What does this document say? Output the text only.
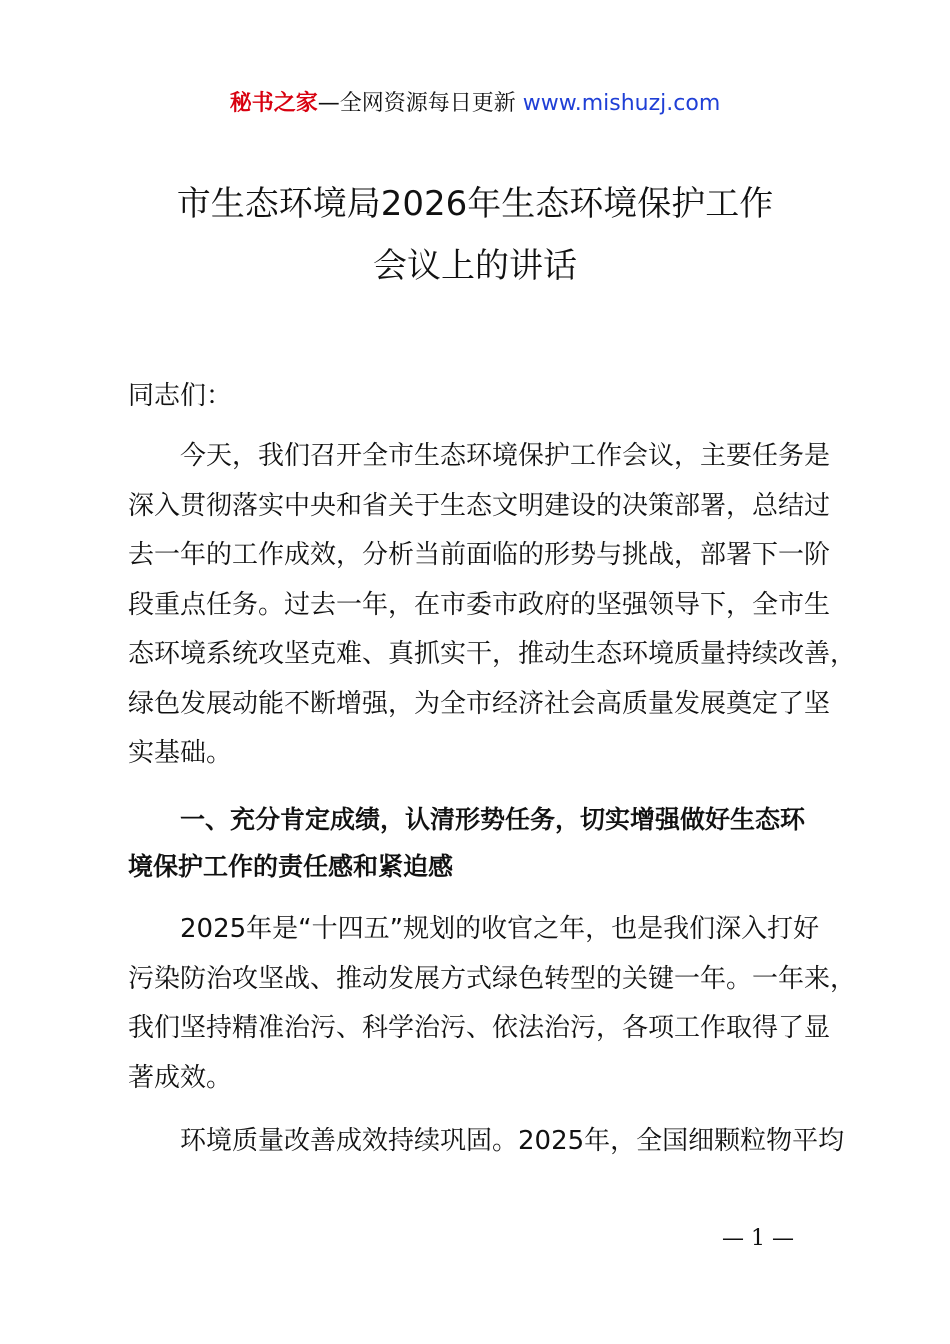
秘书之家—全网资源每日更新 www.mishuzj.com
市生态环境局2026年生态环境保护工作
会议上的讲话
同志们：
今天，我们召开全市生态环境保护工作会议，主要任务是
深入贯彻落实中央和省关于生态文明建设的决策部署，总结过
去一年的工作成效，分析当前面临的形势与挑战，部署下一阶
段重点任务。过去一年，在市委市政府的坚强领导下，全市生
态环境系统攻坚克难、真抓实干，推动生态环境质量持续改善，
绿色发展动能不断增强，为全市经济社会高质量发展奠定了坚
实基础。
一、充分肯定成绩，认清形势任务，切实增强做好生态环
境保护工作的责任感和紧迫感
2025年是“十四五”规划的收官之年，也是我们深入打好
污染防治攻坚战、推动发展方式绿色转型的关键一年。一年来，
我们坚持精准治污、科学治污、依法治污，各项工作取得了显
著成效。
环境质量改善成效持续巩固。2025年，全国细颗粒物平均
— 1 —
